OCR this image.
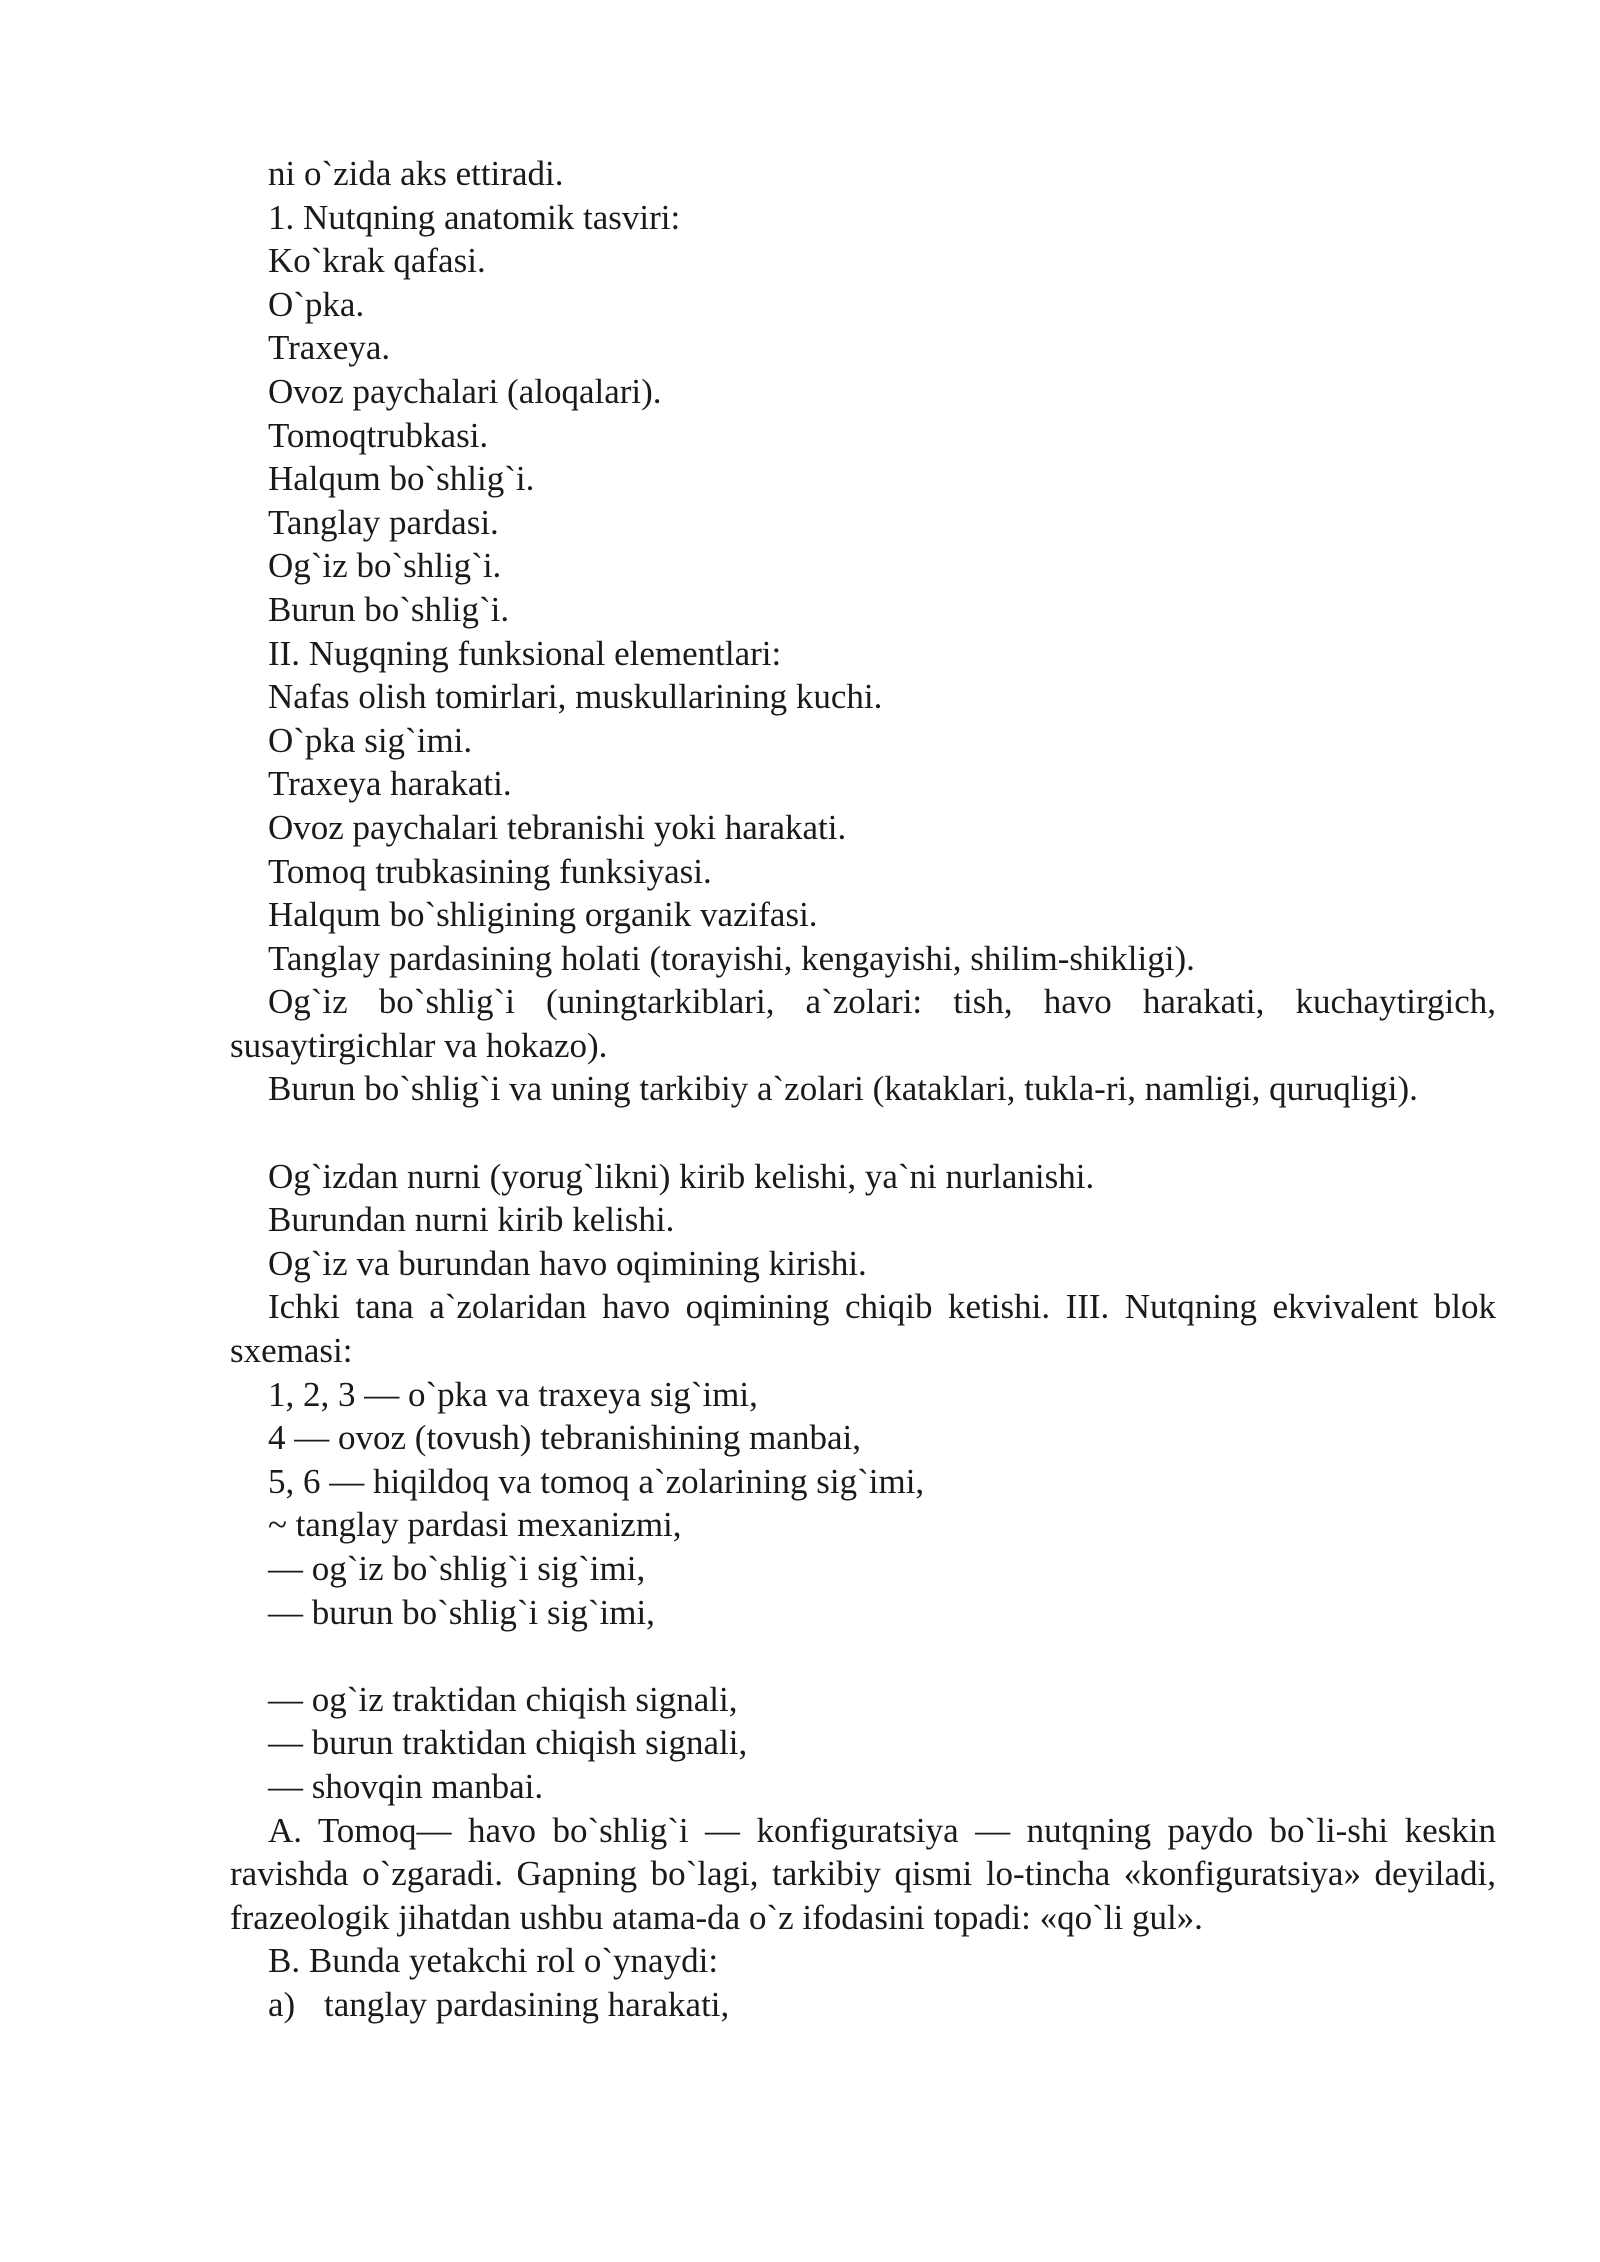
ni o`zida aks ettiradi.

1. Nutqning anatomik tasviri:

Ko`krak qafasi.

O`pka.

Traxeya.

Ovoz paychalari (aloqalari).

Tomoqtrubkasi.

Halqum bo`shlig`i.

Tanglay pardasi.

Og`iz bo`shlig`i.

Burun bo`shlig`i.

II. Nugqning funksional elementlari:

Nafas olish tomirlari, muskullarining kuchi.

O`pka sig`imi.

Traxeya harakati.

Ovoz paychalari tebranishi yoki harakati.

Tomoq trubkasining funksiyasi.

Halqum bo`shligining organik vazifasi.

Tanglay pardasining holati (torayishi, kengayishi, shilim-shikligi).

Og`iz bo`shlig`i (uningtarkiblari, a`zolari: tish, havo harakati, kuchaytirgich, susaytirgichlar va hokazo).

Burun bo`shlig`i va uning tarkibiy a`zolari (kataklari, tukla-ri, namligi, quruqligi).

Og`izdan nurni (yorug`likni) kirib kelishi, ya`ni nurlanishi.

Burundan nurni kirib kelishi.

Og`iz va burundan havo oqimining kirishi.

Ichki tana a`zolaridan havo oqimining chiqib ketishi. III. Nutqning ekvivalent blok sxemasi:

1, 2, 3 — o`pka va traxeya sig`imi,

4 — ovoz (tovush) tebranishining manbai,

5, 6 — hiqildoq va tomoq a`zolarining sig`imi,

~ tanglay pardasi mexanizmi,

— og`iz bo`shlig`i sig`imi,

— burun bo`shlig`i sig`imi,

— og`iz traktidan chiqish signali,

— burun traktidan chiqish signali,

— shovqin manbai.

A. Tomoq— havo bo`shlig`i — konfiguratsiya — nutqning paydo bo`li-shi keskin ravishda o`zgaradi. Gapning bo`lagi, tarkibiy qismi lo-tincha «konfiguratsiya» deyiladi, frazeologik jihatdan ushbu atama-da o`z ifodasini topadi: «qo`li gul».

B. Bunda yetakchi rol o`ynaydi:

a) tanglay pardasining harakati,
